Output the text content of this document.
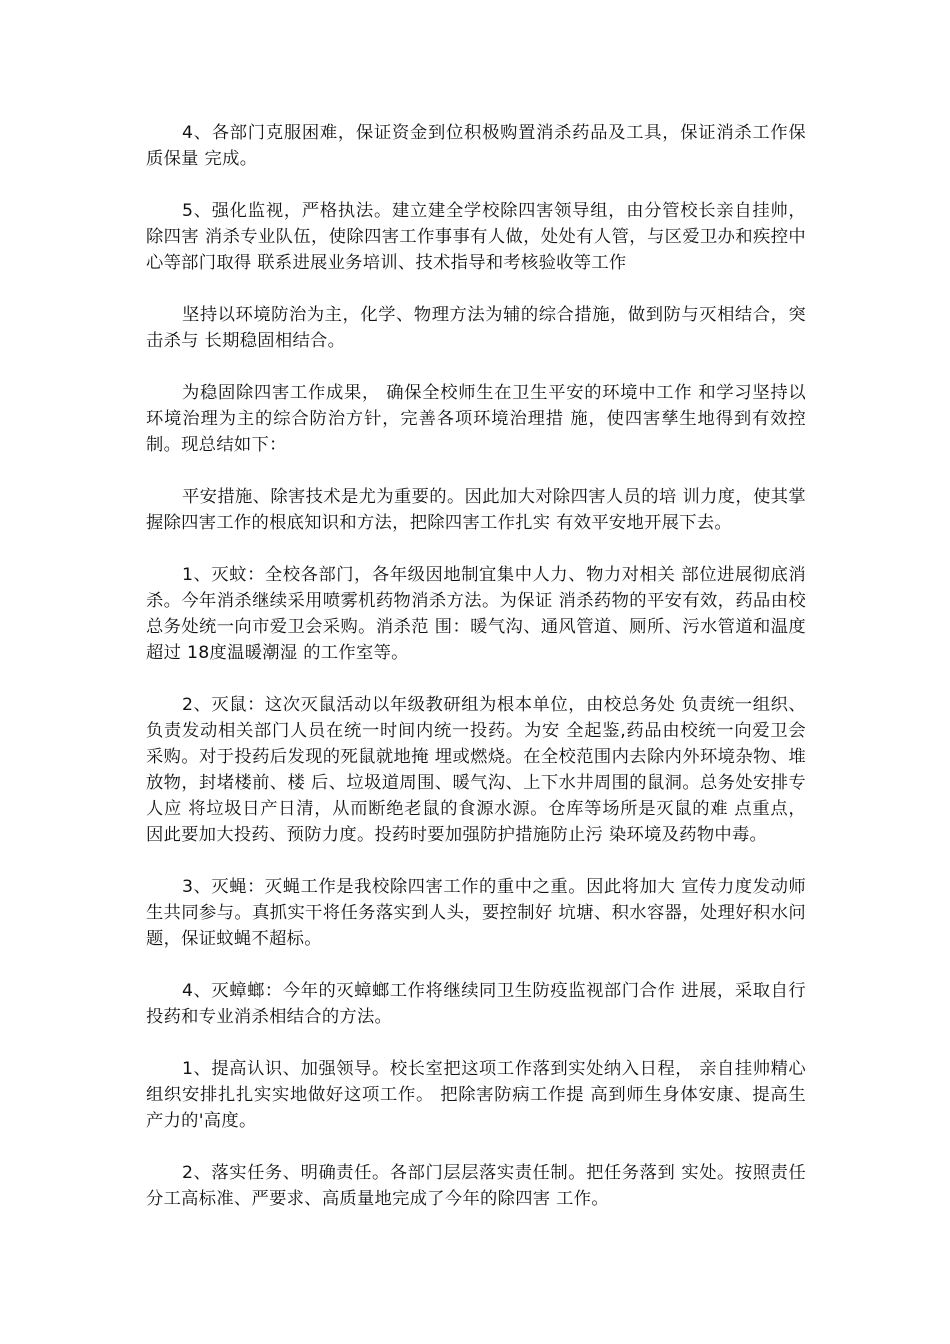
4、各部门克服困难，保证资金到位积极购置消杀药品及工具，保证消杀工作保质保量 完成。

5、强化监视，严格执法。建立建全学校除四害领导组，由分管校长亲自挂帅，除四害 消杀专业队伍，使除四害工作事事有人做，处处有人管，与区爱卫办和疾控中心等部门取得 联系进展业务培训、技术指导和考核验收等工作

坚持以环境防治为主，化学、物理方法为辅的综合措施，做到防与灭相结合，突击杀与 长期稳固相结合。

为稳固除四害工作成果， 确保全校师生在卫生平安的环境中工作 和学习坚持以环境治理为主的综合防治方针，完善各项环境治理措 施，使四害孳生地得到有效控制。现总结如下：

平安措施、除害技术是尤为重要的。因此加大对除四害人员的培 训力度，使其掌握除四害工作的根底知识和方法，把除四害工作扎实 有效平安地开展下去。

1、灭蚊：全校各部门，各年级因地制宜集中人力、物力对相关 部位进展彻底消杀。今年消杀继续采用喷雾机药物消杀方法。为保证 消杀药物的平安有效，药品由校总务处统一向市爱卫会采购。消杀范 围：暖气沟、通风管道、厕所、污水管道和温度超过 18度温暖潮湿 的工作室等。

2、灭鼠：这次灭鼠活动以年级教研组为根本单位，由校总务处 负责统一组织、负责发动相关部门人员在统一时间内统一投药。为安 全起鉴,药品由校统一向爱卫会采购。对于投药后发现的死鼠就地掩 埋或燃烧。在全校范围内去除内外环境杂物、堆放物，封堵楼前、楼 后、垃圾道周围、暖气沟、上下水井周围的鼠洞。总务处安排专人应 将垃圾日产日清，从而断绝老鼠的食源水源。仓库等场所是灭鼠的难 点重点，因此要加大投药、预防力度。投药时要加强防护措施防止污 染环境及药物中毒。

3、灭蝇：灭蝇工作是我校除四害工作的重中之重。因此将加大 宣传力度发动师生共同参与。真抓实干将任务落实到人头，要控制好 坑塘、积水容器，处理好积水问题，保证蚊蝇不超标。

4、灭蟑螂：今年的灭蟑螂工作将继续同卫生防疫监视部门合作 进展，采取自行投药和专业消杀相结合的方法。

1、提高认识、加强领导。校长室把这项工作落到实处纳入日程， 亲自挂帅精心组织安排扎扎实实地做好这项工作。 把除害防病工作提 高到师生身体安康、提高生产力的'高度。

2、落实任务、明确责任。各部门层层落实责任制。把任务落到 实处。按照责任分工高标准、严要求、高质量地完成了今年的除四害 工作。
